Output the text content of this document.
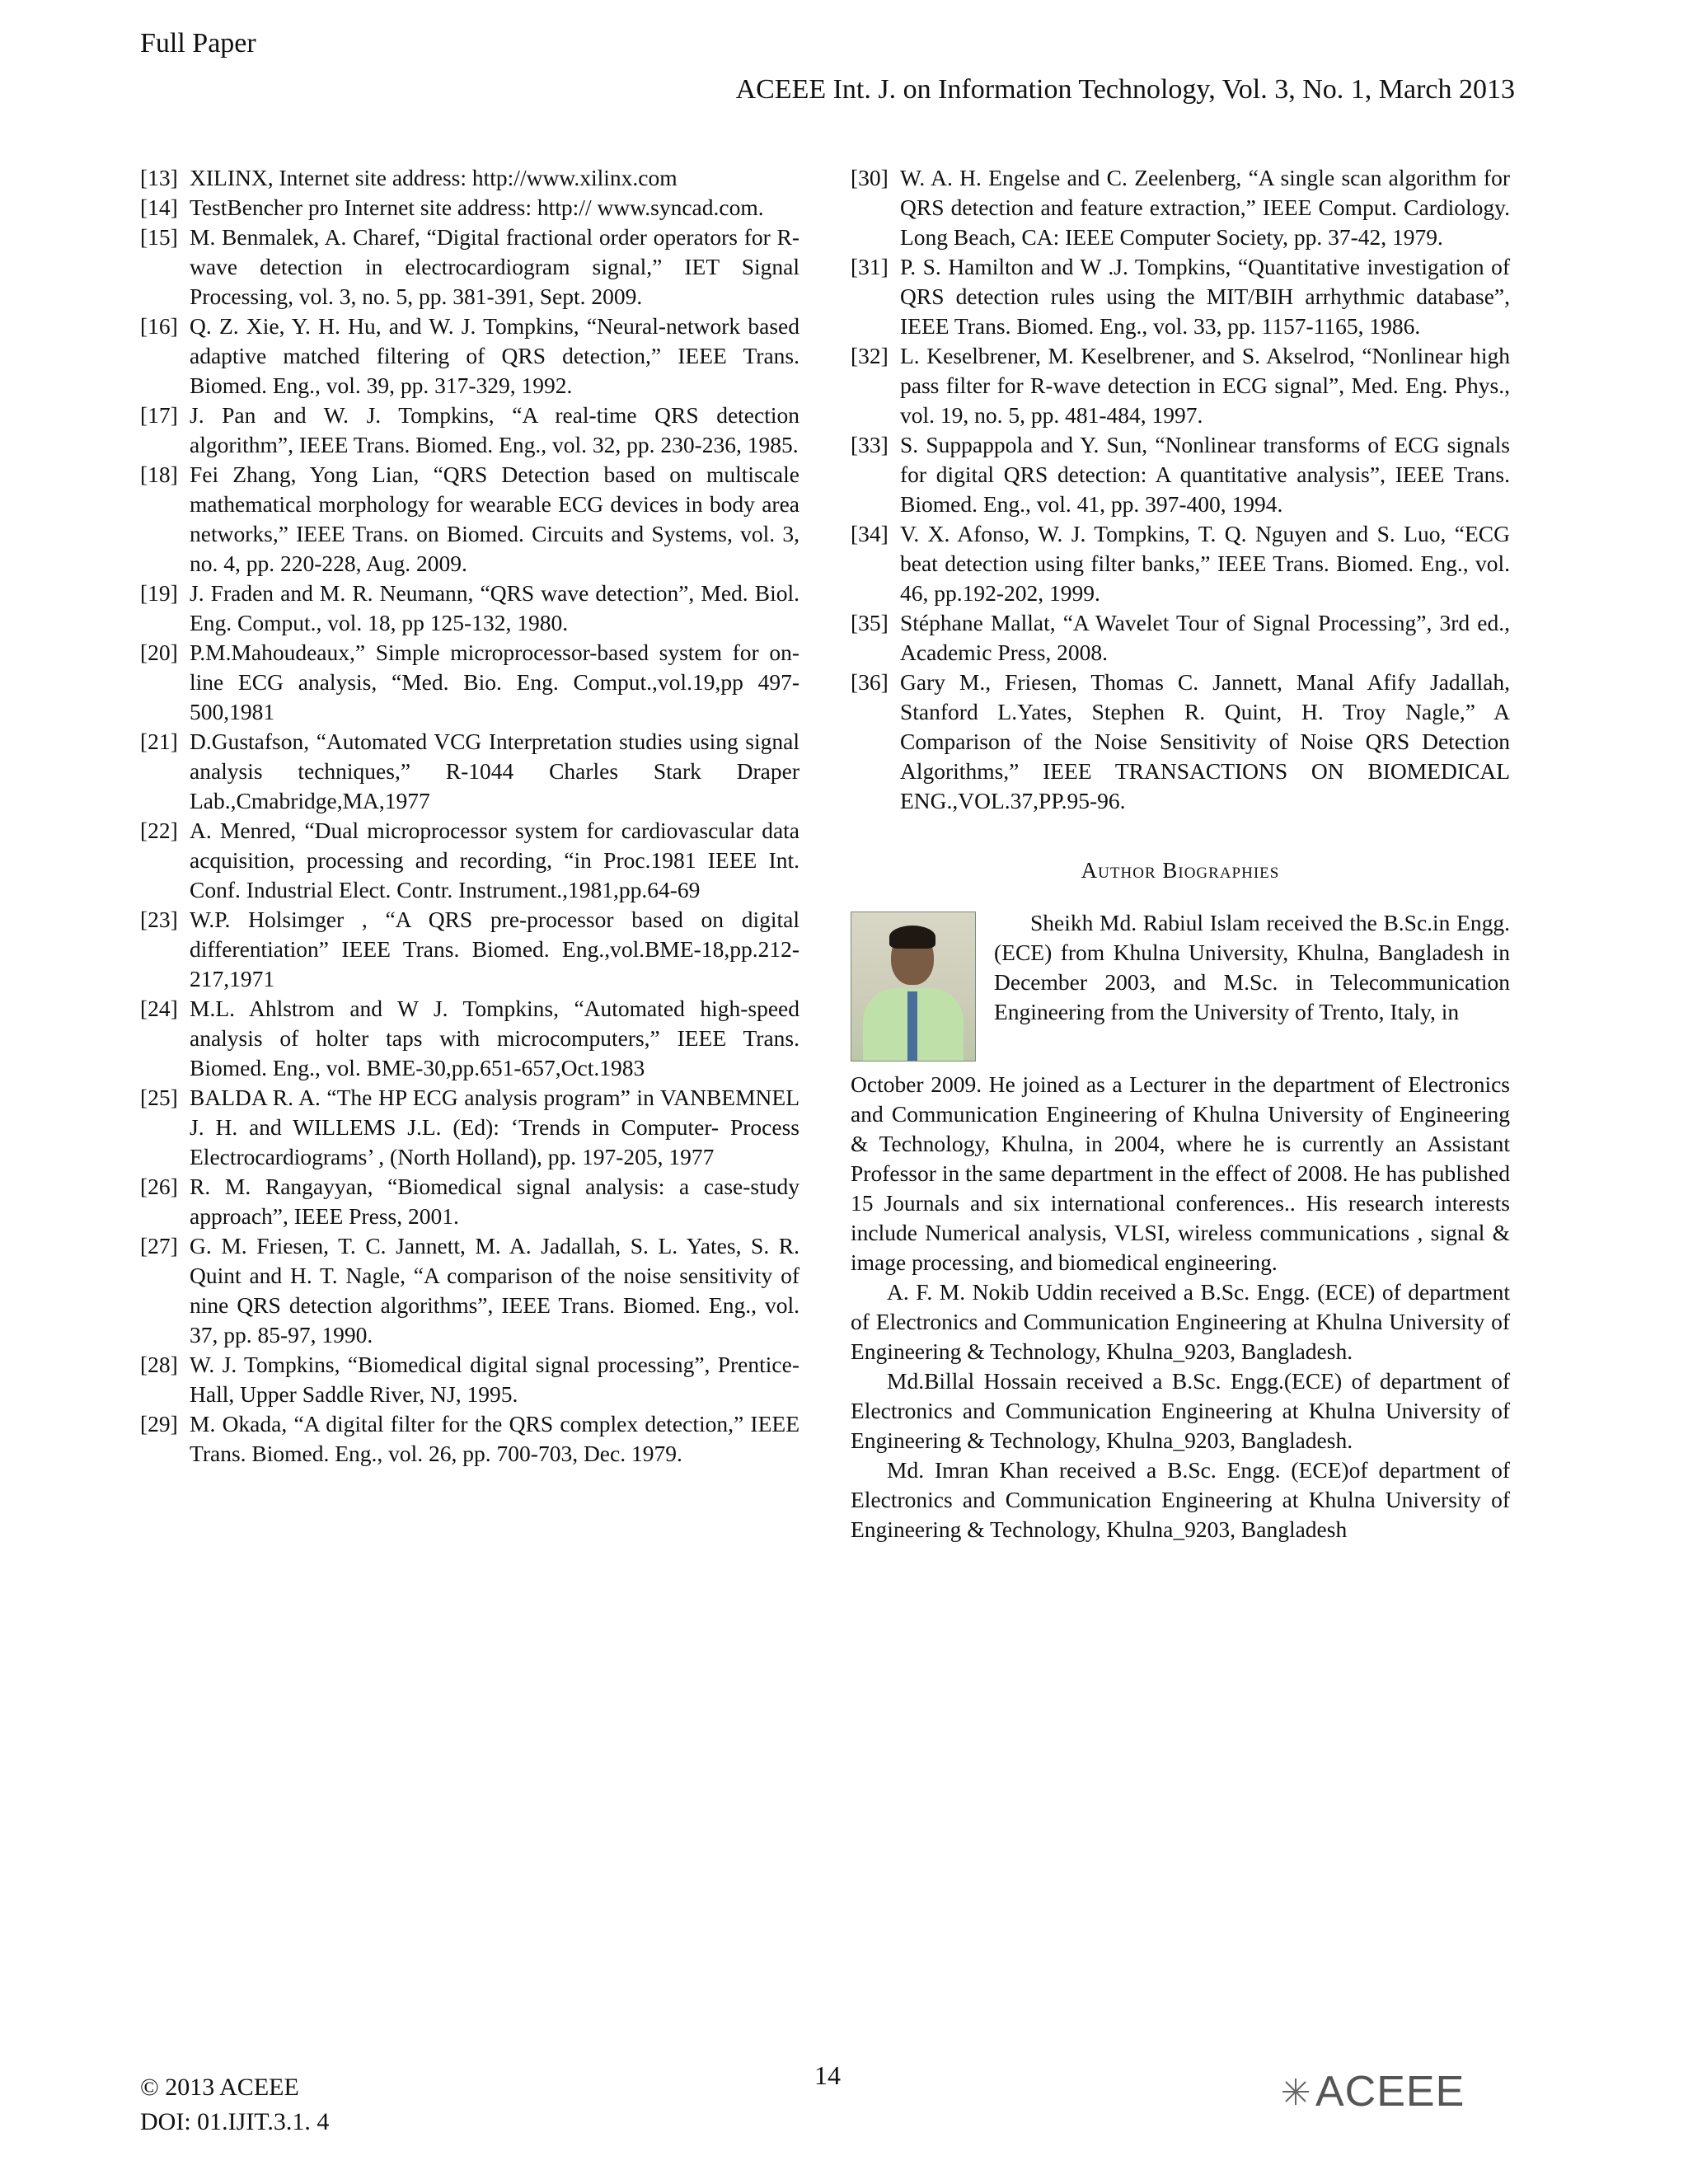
Full Paper
ACEEE Int. J. on Information Technology, Vol. 3, No. 1, March 2013
[13] XILINX, Internet site address: http://www.xilinx.com
[14] TestBencher pro Internet site address: http:// www.syncad.com.
[15] M. Benmalek, A. Charef, “Digital fractional order operators for R-wave detection in electrocardiogram signal,” IET Signal Processing, vol. 3, no. 5, pp. 381-391, Sept. 2009.
[16] Q. Z. Xie, Y. H. Hu, and W. J. Tompkins, “Neural-network based adaptive matched filtering of QRS detection,” IEEE Trans. Biomed. Eng., vol. 39, pp. 317-329, 1992.
[17] J. Pan and W. J. Tompkins, “A real-time QRS detection algorithm”, IEEE Trans. Biomed. Eng., vol. 32, pp. 230-236, 1985.
[18] Fei Zhang, Yong Lian, “QRS Detection based on multiscale mathematical morphology for wearable ECG devices in body area networks,” IEEE Trans. on Biomed. Circuits and Systems, vol. 3, no. 4, pp. 220-228, Aug. 2009.
[19] J. Fraden and M. R. Neumann, “QRS wave detection”, Med. Biol. Eng. Comput., vol. 18, pp 125-132, 1980.
[20] P.M.Mahoudeaux,” Simple microprocessor-based system for on-line ECG analysis, “Med. Bio. Eng. Comput.,vol.19,pp 497-500,1981
[21] D.Gustafson, “Automated VCG Interpretation studies using signal analysis techniques,” R-1044 Charles Stark Draper Lab.,Cmabridge,MA,1977
[22] A. Menred, “Dual microprocessor system for cardiovascular data acquisition, processing and recording, “in Proc.1981 IEEE Int. Conf. Industrial Elect. Contr. Instrument.,1981,pp.64-69
[23] W.P. Holsimger , “A QRS pre-processor based on digital differentiation” IEEE Trans. Biomed. Eng.,vol.BME-18,pp.212-217,1971
[24] M.L. Ahlstrom and W J. Tompkins, “Automated high-speed analysis of holter taps with microcomputers,” IEEE Trans. Biomed. Eng., vol. BME-30,pp.651-657,Oct.1983
[25] BALDA R. A. “The HP ECG analysis program” in VANBEMNEL J. H. and WILLEMS J.L. (Ed): ‘Trends in Computer- Process Electrocardiograms’ , (North Holland), pp. 197-205, 1977
[26] R. M. Rangayyan, “Biomedical signal analysis: a case-study approach”, IEEE Press, 2001.
[27] G. M. Friesen, T. C. Jannett, M. A. Jadallah, S. L. Yates, S. R. Quint and H. T. Nagle, “A comparison of the noise sensitivity of nine QRS detection algorithms”, IEEE Trans. Biomed. Eng., vol. 37, pp. 85-97, 1990.
[28] W. J. Tompkins, “Biomedical digital signal processing”, Prentice-Hall, Upper Saddle River, NJ, 1995.
[29] M. Okada, “A digital filter for the QRS complex detection,” IEEE Trans. Biomed. Eng., vol. 26, pp. 700-703, Dec. 1979.
[30] W. A. H. Engelse and C. Zeelenberg, “A single scan algorithm for QRS detection and feature extraction,” IEEE Comput. Cardiology. Long Beach, CA: IEEE Computer Society, pp. 37-42, 1979.
[31] P. S. Hamilton and W .J. Tompkins, “Quantitative investigation of QRS detection rules using the MIT/BIH arrhythmic database”, IEEE Trans. Biomed. Eng., vol. 33, pp. 1157-1165, 1986.
[32] L. Keselbrener, M. Keselbrener, and S. Akselrod, “Nonlinear high pass filter for R-wave detection in ECG signal”, Med. Eng. Phys., vol. 19, no. 5, pp. 481-484, 1997.
[33] S. Suppappola and Y. Sun, “Nonlinear transforms of ECG signals for digital QRS detection: A quantitative analysis”, IEEE Trans. Biomed. Eng., vol. 41, pp. 397-400, 1994.
[34] V. X. Afonso, W. J. Tompkins, T. Q. Nguyen and S. Luo, “ECG beat detection using filter banks,” IEEE Trans. Biomed. Eng., vol. 46, pp.192-202, 1999.
[35] Stéphane Mallat, “A Wavelet Tour of Signal Processing”, 3rd ed., Academic Press, 2008.
[36] Gary M., Friesen, Thomas C. Jannett, Manal Afify Jadallah, Stanford L.Yates, Stephen R. Quint, H. Troy Nagle,” A Comparison of the Noise Sensitivity of Noise QRS Detection Algorithms,” IEEE TRANSACTIONS ON BIOMEDICAL ENG.,VOL.37,PP.95-96.
Author Biographies

Sheikh Md. Rabiul Islam received the B.Sc.in Engg. (ECE) from Khulna University, Khulna, Bangladesh in December 2003, and M.Sc. in Telecommunication Engineering from the University of Trento, Italy, in

October 2009. He joined as a Lecturer in the department of Electronics and Communication Engineering of Khulna University of Engineering & Technology, Khulna, in 2004, where he is currently an Assistant Professor in the same department in the effect of 2008. He has published 15 Journals and six international conferences.. His research interests include Numerical analysis, VLSI, wireless communications , signal & image processing, and biomedical engineering.

A. F. M. Nokib Uddin received a B.Sc. Engg. (ECE) of department of Electronics and Communication Engineering at Khulna University of Engineering & Technology, Khulna_9203, Bangladesh.

Md.Billal Hossain received a B.Sc. Engg.(ECE) of department of Electronics and Communication Engineering at Khulna University of Engineering & Technology, Khulna_9203, Bangladesh.

Md. Imran Khan received a B.Sc. Engg. (ECE)of department of Electronics and Communication Engineering at Khulna University of Engineering & Technology, Khulna_9203, Bangladesh

© 2013 ACEEE
DOI: 01.IJIT.3.1. 4
14	ACEEE
